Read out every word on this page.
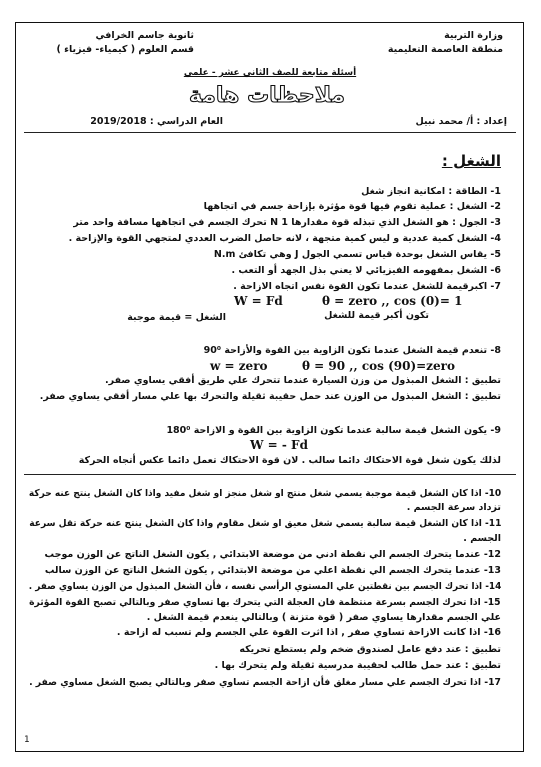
وزارة التربية
منطقة العاصمة التعليمية
ثانوية جاسم الخرافي
قسم العلوم ( كيمياء- فيزياء )
أسئلة متابعة للصف الثاني عشر - علمي
ملاحظات هامة
إعداد : أ/ محمد نبيل
العام الدراسي : 2019/2018
الشغل :
1- الطاقة : امكانية انجاز شغل
2- الشغل : عملية تقوم فيها قوة مؤثرة بإزاحة جسم في اتجاهها
3- الجول : هو الشغل الذي تبذله قوة مقدارها N 1 تحرك الجسم في اتجاهها مسافة واحد متر
4- الشغل كمية عددية و ليس كمية متجهة ، لانه حاصل الضرب العددي لمتجهي القوة والإزاحة .
5- يقاس الشغل بوحدة قياس تسمي الجول J وهي تكافئ N.m
6- الشغل بمفهومه الفيزيائي لا يعني بذل الجهد أو التعب .
7- اكبرقيمة للشغل عندما تكون القوة نفس اتجاه الازاحة .
W = Fd	θ = zero ,, cos (0)= 1
تكون أكبر قيمة للشغل
الشغل = قيمة موجبة
8- تنعدم قيمة الشغل عندما تكون الزاوية بين القوة والأزاحة 90⁰
w = zero	θ = 90 ,, cos (90)=zero
تطبيق : الشغل المبذول من وزن السيارة عندما تتحرك علي طريق أفقي يساوي صفر.
تطبيق : الشغل المبذول من الوزن عند حمل حقيبة ثقيلة والتحرك بها علي مسار أفقي يساوي صفر.
9- يكون الشغل قيمة سالبة عندما تكون الزاوية بين القوة و الازاحة 180⁰
W = - Fd
لذلك يكون شغل قوة الاحتكاك دائما سالب . لان قوة الاحتكاك تعمل دائما عكس أتجاه الحركة
10- اذا كان الشغل قيمة موجبة يسمي شغل منتج او شغل منجز او شغل مفيد واذا كان الشغل ينتج عنه حركة
تزداد سرعة الجسم .
11- اذا كان الشغل قيمة سالبة يسمي شغل معيق او شغل مقاوم واذا كان الشغل ينتج عنه حركة تقل سرعة
الجسم .
12- عندما يتحرك الجسم الي نقطة ادني من موضعة الابتدائي , يكون الشغل الناتج عن الوزن موجب
13- عندما يتحرك الجسم الي نقطة اعلي من موضعة الابتدائي , يكون الشغل الناتج عن الوزن سالب
14- اذا تحرك الجسم بين نقطتين علي المستوي الرأسي نفسه ، فأن الشغل المبذول من الوزن يساوي صفر .
15- اذا تحرك الجسم بسرعة منتظمة فان العجلة التي يتحرك بها تساوي صفر وبالتالي تصبح القوة المؤثرة
علي الجسم مقدارها يساوي صفر ( قوة متزنة ) وبالتالي ينعدم قيمة الشغل .
16- اذا كانت الازاحة تساوي صفر , اذا اثرت القوة علي الجسم ولم تسبب له ازاحة .
تطبيق : عند دفع عامل لصندوق ضخم ولم يستطع تحريكه
تطبيق : عند حمل طالب لحقيبة مدرسية ثقيلة ولم يتحرك بها .
17- اذا تحرك الجسم علي مسار مغلق فأن ازاحة الجسم تساوي صفر وبالتالي يصبح الشغل مساوي صفر .
1
